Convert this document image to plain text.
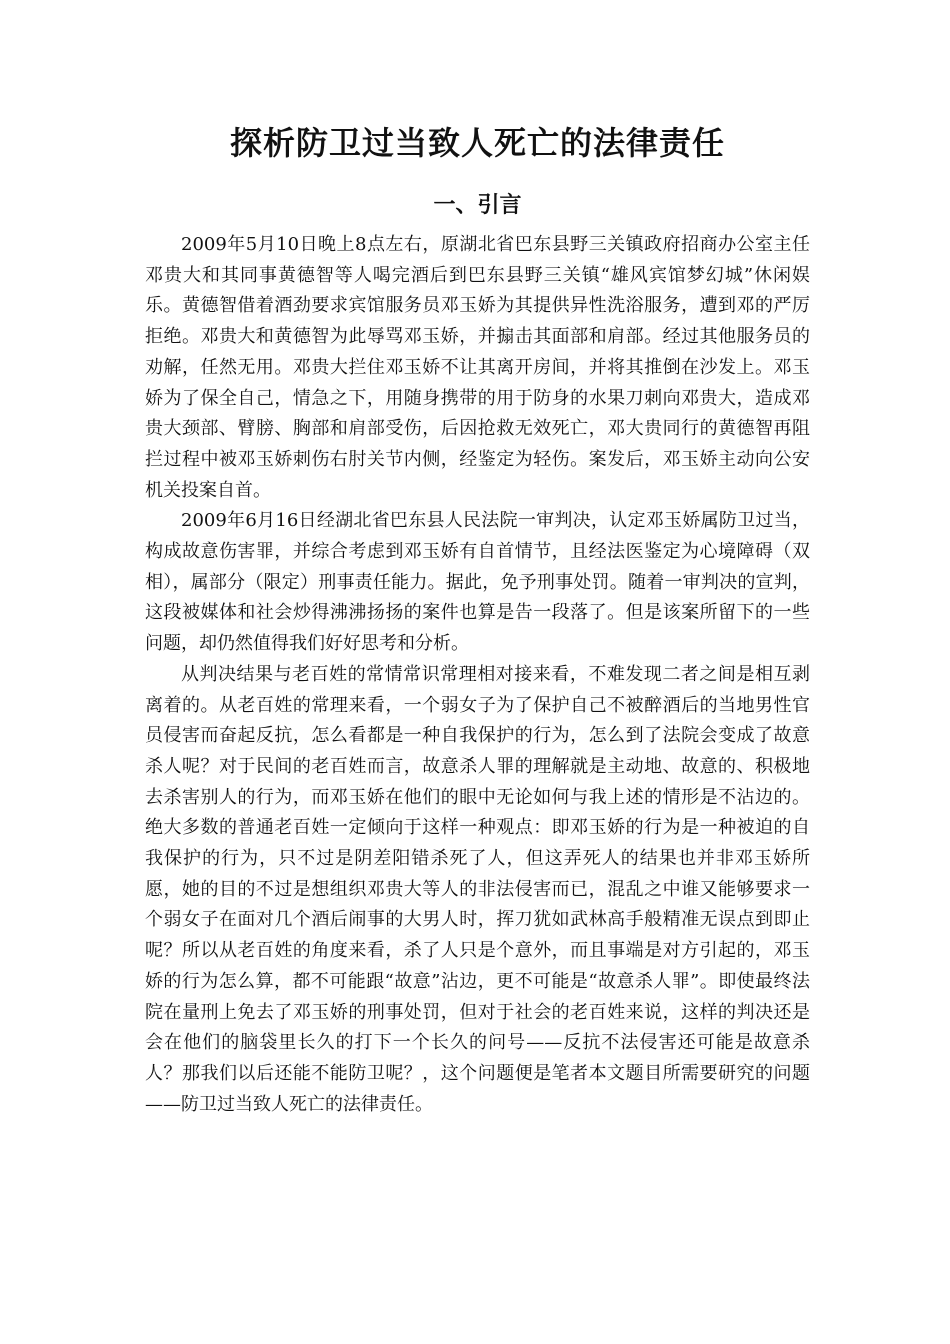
探析防卫过当致人死亡的法律责任
一、引言

2009年5月10日晚上8点左右，原湖北省巴东县野三关镇政府招商办公室主任邓贵大和其同事黄德智等人喝完酒后到巴东县野三关镇“雄风宾馆梦幻城”休闲娱乐。黄德智借着酒劲要求宾馆服务员邓玉娇为其提供异性洗浴服务，遭到邓的严厉拒绝。邓贵大和黄德智为此辱骂邓玉娇，并搧击其面部和肩部。经过其他服务员的劝解，任然无用。邓贵大拦住邓玉娇不让其离开房间，并将其推倒在沙发上。邓玉娇为了保全自己，情急之下，用随身携带的用于防身的水果刀刺向邓贵大，造成邓贵大颈部、臂膀、胸部和肩部受伤，后因抢救无效死亡，邓大贵同行的黄德智再阻拦过程中被邓玉娇刺伤右肘关节内侧，经鉴定为轻伤。案发后，邓玉娇主动向公安机关投案自首。

2009年6月16日经湖北省巴东县人民法院一审判决，认定邓玉娇属防卫过当，构成故意伤害罪，并综合考虑到邓玉娇有自首情节，且经法医鉴定为心境障碍（双相），属部分（限定）刑事责任能力。据此，免予刑事处罚。随着一审判决的宣判，这段被媒体和社会炒得沸沸扬扬的案件也算是告一段落了。但是该案所留下的一些问题，却仍然值得我们好好思考和分析。

从判决结果与老百姓的常情常识常理相对接来看，不难发现二者之间是相互剥离着的。从老百姓的常理来看，一个弱女子为了保护自己不被醉酒后的当地男性官员侵害而奋起反抗，怎么看都是一种自我保护的行为，怎么到了法院会变成了故意杀人呢？对于民间的老百姓而言，故意杀人罪的理解就是主动地、故意的、积极地去杀害别人的行为，而邓玉娇在他们的眼中无论如何与我上述的情形是不沾边的。绝大多数的普通老百姓一定倾向于这样一种观点：即邓玉娇的行为是一种被迫的自我保护的行为，只不过是阴差阳错杀死了人，但这弄死人的结果也并非邓玉娇所愿，她的目的不过是想组织邓贵大等人的非法侵害而已，混乱之中谁又能够要求一个弱女子在面对几个酒后闹事的大男人时，挥刀犹如武林高手般精准无误点到即止呢？所以从老百姓的角度来看，杀了人只是个意外，而且事端是对方引起的，邓玉娇的行为怎么算，都不可能跟“故意”沾边，更不可能是“故意杀人罪”。即使最终法院在量刑上免去了邓玉娇的刑事处罚，但对于社会的老百姓来说，这样的判决还是会在他们的脑袋里长久的打下一个长久的问号——反抗不法侵害还可能是故意杀人？那我们以后还能不能防卫呢？，这个问题便是笔者本文题目所需要研究的问题——防卫过当致人死亡的法律责任。
